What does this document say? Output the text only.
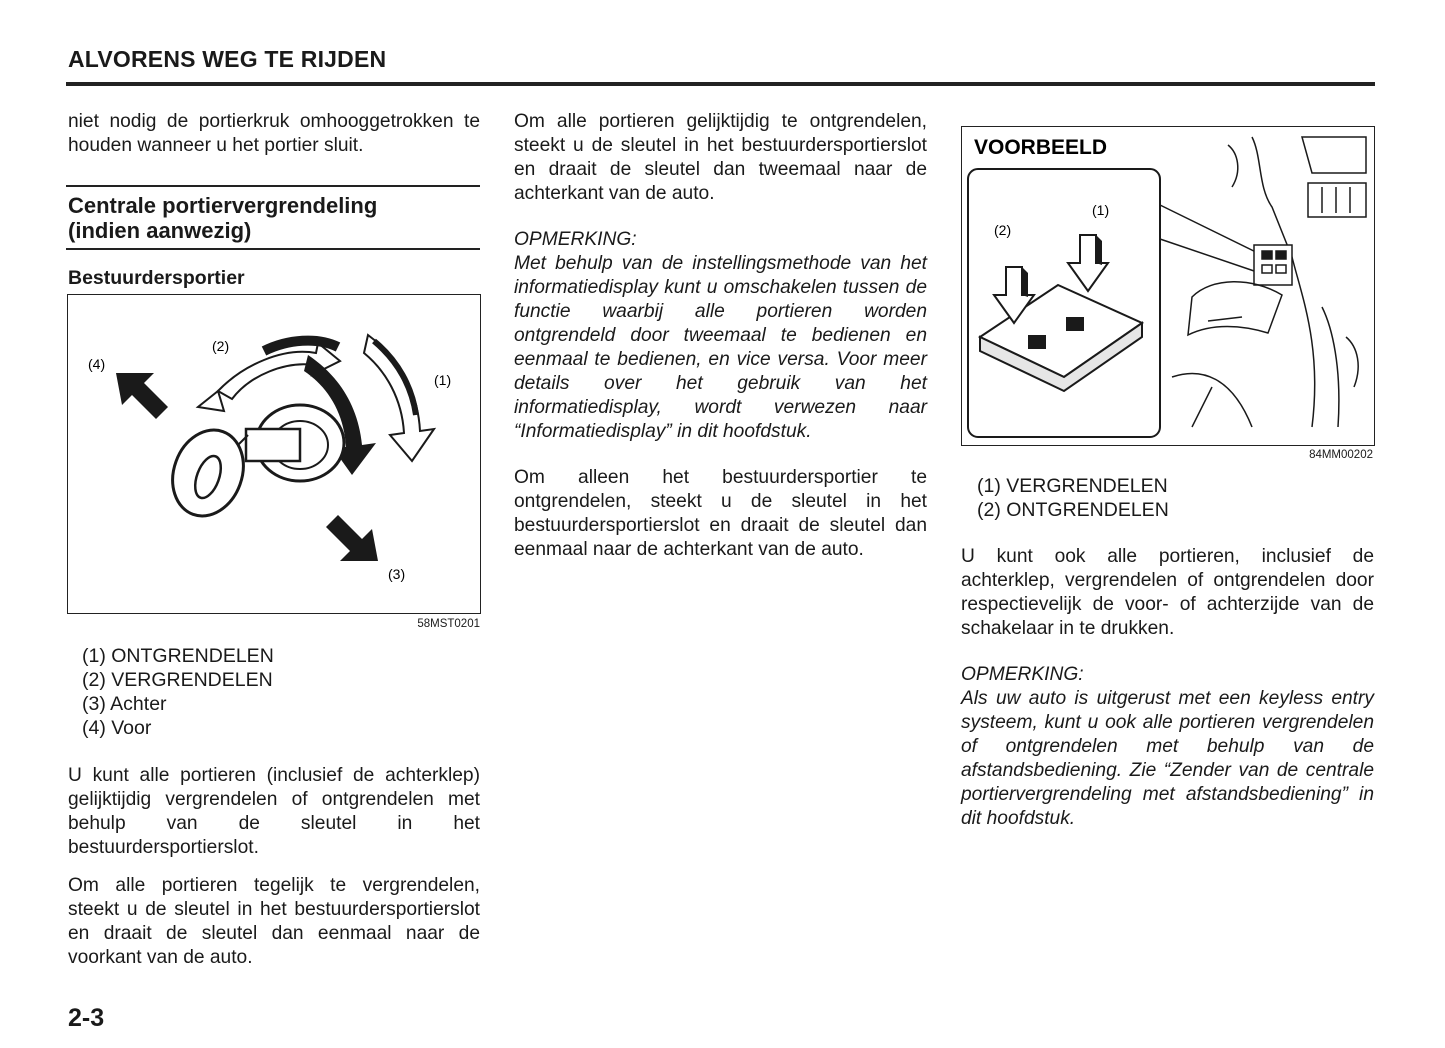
ALVORENS WEG TE RIJDEN

niet nodig de portierkruk omhooggetrokken te houden wanneer u het portier sluit.

Centrale portiervergrendeling
(indien aanwezig)
Bestuurdersportier
(4)
(2)
(1)
(3)
58MST0201
(1) ONTGRENDELEN
(2) VERGRENDELEN
(3) Achter
(4) Voor

U kunt alle portieren (inclusief de achterklep) gelijktijdig vergrendelen of ontgrendelen met behulp van de sleutel in het bestuurdersportierslot.

Om alle portieren tegelijk te vergrendelen, steekt u de sleutel in het bestuurdersportierslot en draait de sleutel dan eenmaal naar de voorkant van de auto.

Om alle portieren gelijktijdig te ontgrendelen, steekt u de sleutel in het bestuurdersportierslot en draait de sleutel dan tweemaal naar de achterkant van de auto.

OPMERKING:

Met behulp van de instellingsmethode van het informatiedisplay kunt u omschakelen tussen de functie waarbij alle portieren worden ontgrendeld door tweemaal te bedienen en eenmaal te bedienen, en vice versa. Voor meer details over het gebruik van het informatiedisplay, wordt verwezen naar “Informatiedisplay” in dit hoofdstuk.

Om alleen het bestuurdersportier te ontgrendelen, steekt u de sleutel in het bestuurdersportierslot en draait de sleutel dan eenmaal naar de achterkant van de auto.

VOORBEELD
(1)
(2)
84MM00202
(1) VERGRENDELEN
(2) ONTGRENDELEN

U kunt ook alle portieren, inclusief de achterklep, vergrendelen of ontgrendelen door respectievelijk de voor- of achterzijde van de schakelaar in te drukken.

OPMERKING:

Als uw auto is uitgerust met een keyless entry systeem, kunt u ook alle portieren vergrendelen of ontgrendelen met behulp van de afstandsbediening. Zie “Zender van de centrale portiervergrendeling met afstandsbediening” in dit hoofdstuk.

2-3
